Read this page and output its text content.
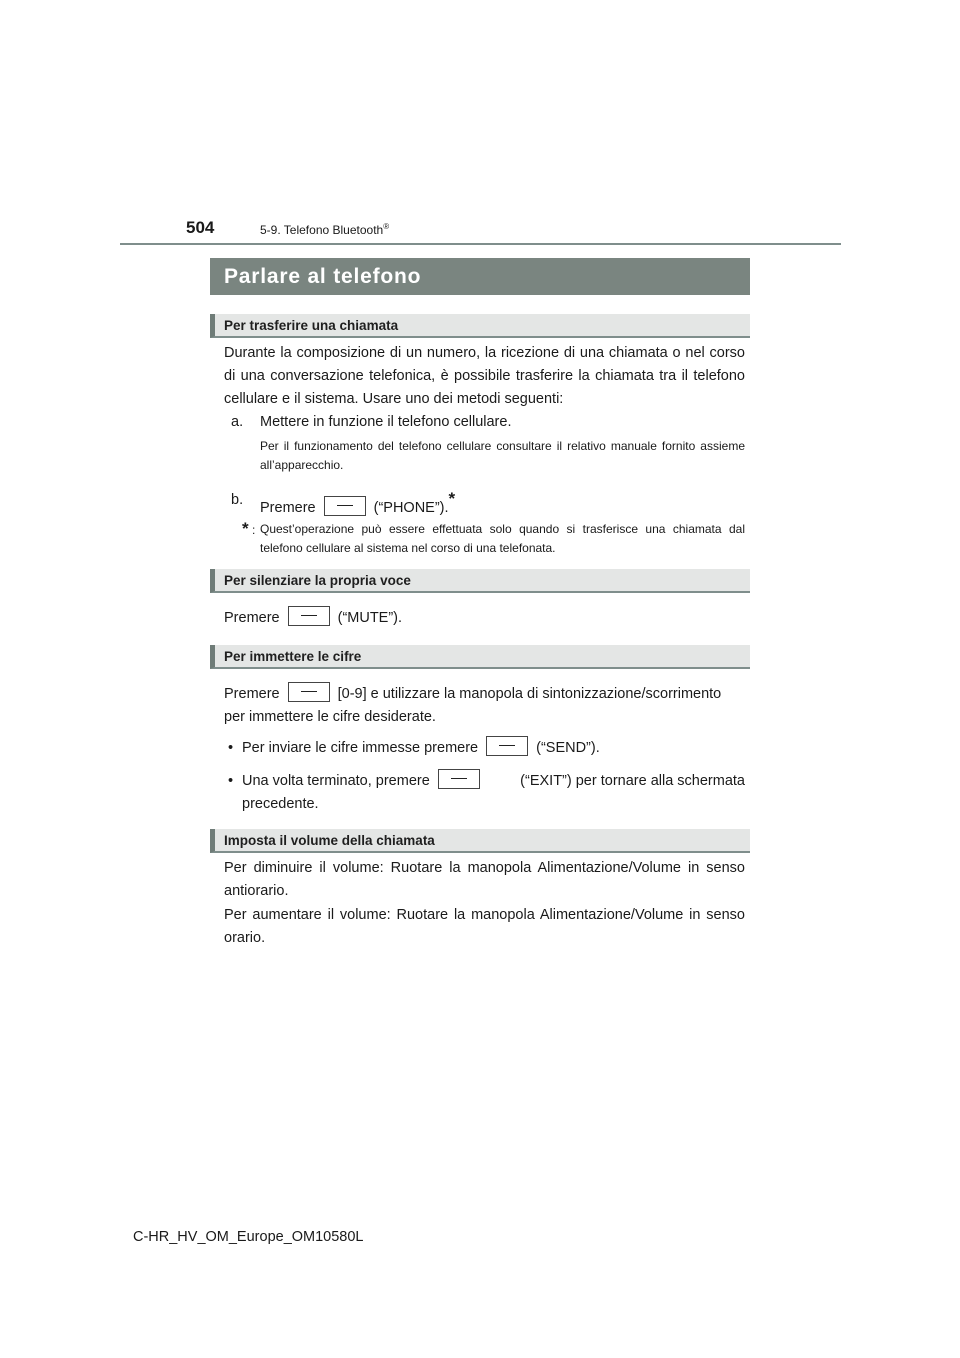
504	5-9. Telefono Bluetooth®
Parlare al telefono
Per trasferire una chiamata

Durante la composizione di un numero, la ricezione di una chiamata o nel corso di una conversazione telefonica, è possibile trasferire la chiamata tra il telefono cellulare e il sistema. Usare uno dei metodi seguenti:

a. Mettere in funzione il telefono cellulare.

Per il funzionamento del telefono cellulare consultare il relativo manuale fornito assieme all’apparecchio.

b. Premere	(“PHONE”).*
* : Quest’operazione può essere effettuata solo quando si trasferisce una chiamata dal telefono cellulare al sistema nel corso di una telefonata.

Per silenziare la propria voce
Premere	(“MUTE”).
Per immettere le cifre
Premere	[0-9] e utilizzare la manopola di sintonizzazione/scorrimento
per immettere le cifre desiderate.
• Per inviare le cifre immesse premere	(“SEND”).
• Una volta terminato, premere	(“EXIT”) per tornare alla schermata
precedente.
Imposta il volume della chiamata

Per diminuire il volume: Ruotare la manopola Alimentazione/Volume in senso antiorario.

Per aumentare il volume: Ruotare la manopola Alimentazione/Volume in senso orario.

C-HR_HV_OM_Europe_OM10580L
